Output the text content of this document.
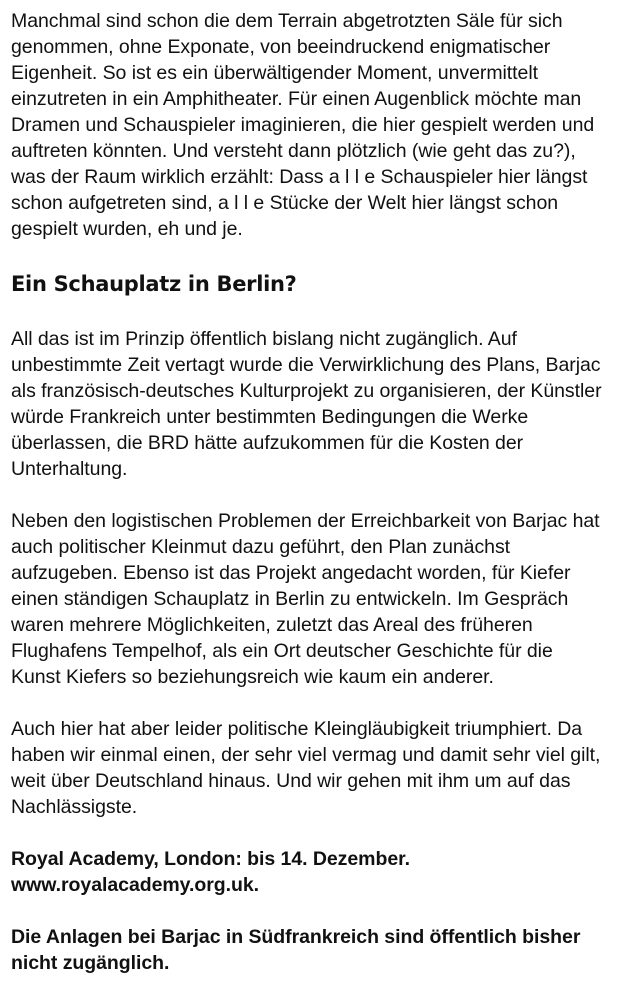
Manchmal sind schon die dem Terrain abgetrotzten Säle für sich genommen, ohne Exponate, von beeindruckend enigmatischer Eigenheit. So ist es ein überwältigender Moment, unvermittelt einzutreten in ein Amphitheater. Für einen Augenblick möchte man Dramen und Schauspieler imaginieren, die hier gespielt werden und auftreten könnten. Und versteht dann plötzlich (wie geht das zu?), was der Raum wirklich erzählt: Dass a l l e Schauspieler hier längst schon aufgetreten sind, a l l e Stücke der Welt hier längst schon gespielt wurden, eh und je.

Ein Schauplatz in Berlin?

All das ist im Prinzip öffentlich bislang nicht zugänglich. Auf unbestimmte Zeit vertagt wurde die Verwirklichung des Plans, Barjac als französisch-deutsches Kulturprojekt zu organisieren, der Künstler würde Frankreich unter bestimmten Bedingungen die Werke überlassen, die BRD hätte aufzukommen für die Kosten der Unterhaltung.

Neben den logistischen Problemen der Erreichbarkeit von Barjac hat auch politischer Kleinmut dazu geführt, den Plan zunächst aufzugeben. Ebenso ist das Projekt angedacht worden, für Kiefer einen ständigen Schauplatz in Berlin zu entwickeln. Im Gespräch waren mehrere Möglichkeiten, zuletzt das Areal des früheren Flughafens Tempelhof, als ein Ort deutscher Geschichte für die Kunst Kiefers so beziehungsreich wie kaum ein anderer.

Auch hier hat aber leider politische Kleingläubigkeit triumphiert. Da haben wir einmal einen, der sehr viel vermag und damit sehr viel gilt, weit über Deutschland hinaus. Und wir gehen mit ihm um auf das Nachlässigste.

Royal Academy, London: bis 14. Dezember.
www.royalacademy.org.uk.

Die Anlagen bei Barjac in Südfrankreich sind öffentlich bisher nicht zugänglich.
